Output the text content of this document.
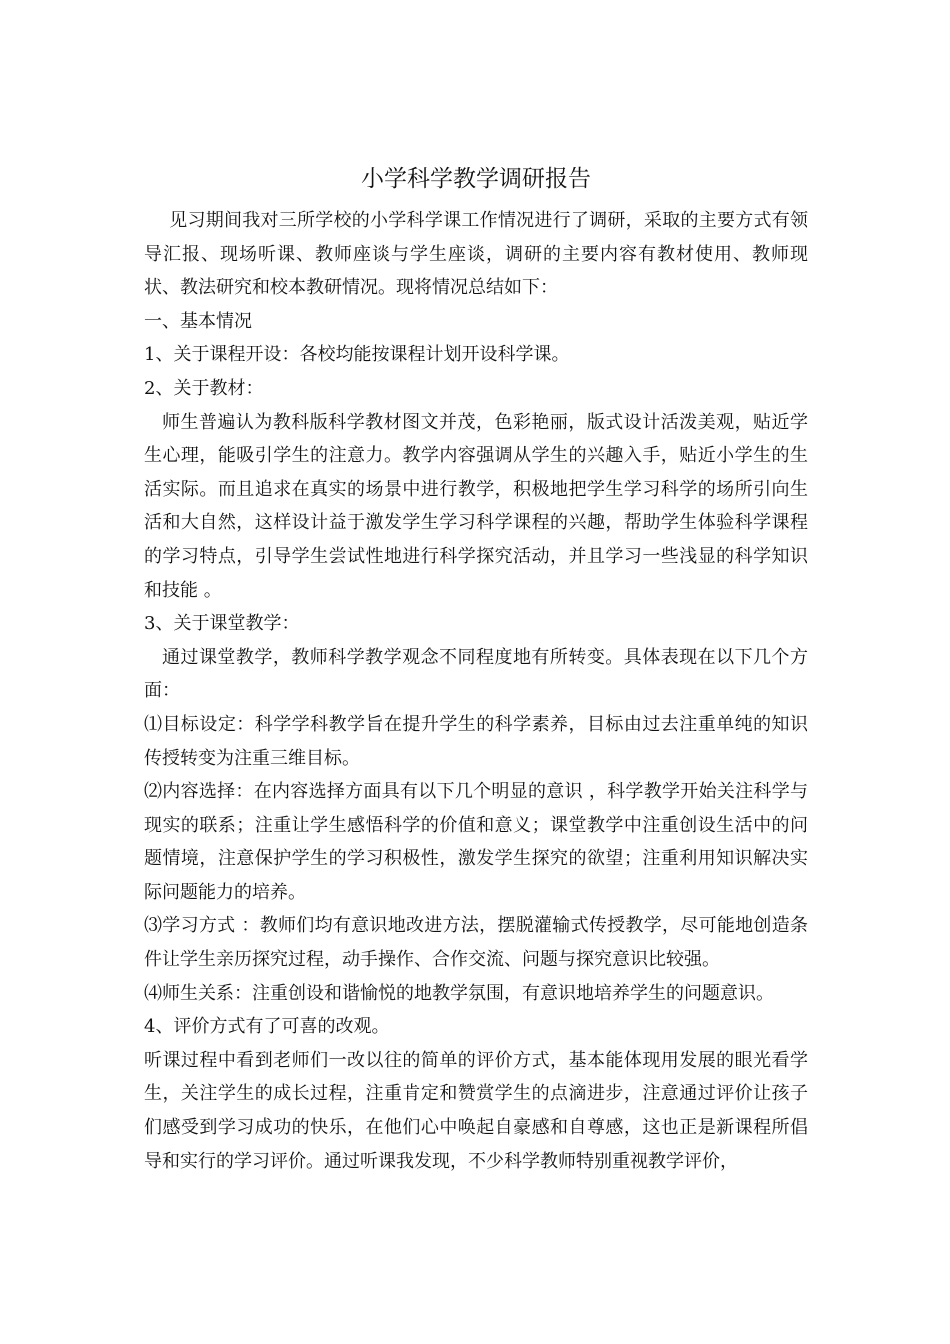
小学科学教学调研报告

见习期间我对三所学校的小学科学课工作情况进行了调研，采取的主要方式有领导汇报、现场听课、教师座谈与学生座谈，调研的主要内容有教材使用、教师现状、教法研究和校本教研情况。现将情况总结如下：

一、基本情况

1、关于课程开设：各校均能按课程计划开设科学课。

2、关于教材：

师生普遍认为教科版科学教材图文并茂，色彩艳丽，版式设计活泼美观，贴近学生心理，能吸引学生的注意力。教学内容强调从学生的兴趣入手，贴近小学生的生活实际。而且追求在真实的场景中进行教学，积极地把学生学习科学的场所引向生活和大自然，这样设计益于激发学生学习科学课程的兴趣，帮助学生体验科学课程的学习特点，引导学生尝试性地进行科学探究活动，并且学习一些浅显的科学知识和技能 。

3、关于课堂教学：

通过课堂教学，教师科学教学观念不同程度地有所转变。具体表现在以下几个方面：

⑴目标设定：科学学科教学旨在提升学生的科学素养，目标由过去注重单纯的知识传授转变为注重三维目标。

⑵内容选择：在内容选择方面具有以下几个明显的意识 ，科学教学开始关注科学与现实的联系；注重让学生感悟科学的价值和意义；课堂教学中注重创设生活中的问题情境，注意保护学生的学习积极性，激发学生探究的欲望；注重利用知识解决实际问题能力的培养。

⑶学习方式 ：教师们均有意识地改进方法，摆脱灌输式传授教学，尽可能地创造条件让学生亲历探究过程，动手操作、合作交流、问题与探究意识比较强。

⑷师生关系：注重创设和谐愉悦的地教学氛围，有意识地培养学生的问题意识。

4、评价方式有了可喜的改观。

听课过程中看到老师们一改以往的简单的评价方式，基本能体现用发展的眼光看学生，关注学生的成长过程，注重肯定和赞赏学生的点滴进步，注意通过评价让孩子们感受到学习成功的快乐，在他们心中唤起自豪感和自尊感，这也正是新课程所倡导和实行的学习评价。通过听课我发现，不少科学教师特别重视教学评价，
